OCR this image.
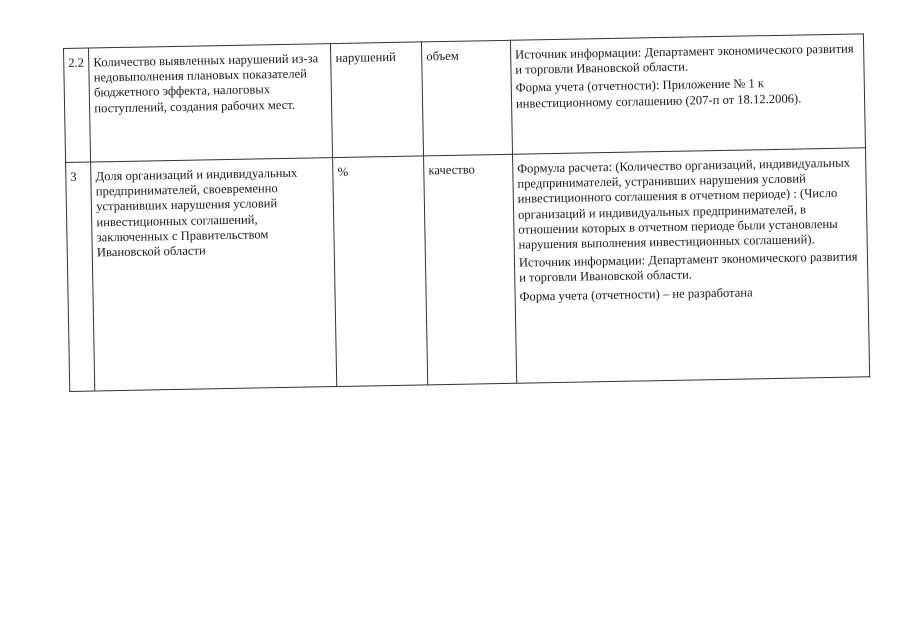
2.2	Количество выявленных нарушений из-за недовыполнения плановых показателей бюджетного эффекта, налоговых поступлений, создания рабочих мест.	нарушений	объем	Источник информации: Департамент экономического развития и торговли Ивановской области.
Форма учета (отчетности): Приложение № 1 к инвестиционному соглашению (207-п от 18.12.2006).

3	Доля организаций и индивидуальных предпринимателей, своевременно устранивших нарушения условий инвестиционных соглашений, заключенных с Правительством Ивановской области	%	качество	Формула расчета: (Количество организаций, индивидуальных предпринимателей, устранивших нарушения условий инвестиционного соглашения в отчетном периоде) : (Число организаций и индивидуальных предпринимателей, в отношении которых в отчетном периоде были установлены нарушения выполнения инвестиционных соглашений).
Источник информации: Департамент экономического развития и торговли Ивановской области.
Форма учета (отчетности) – не разработана
